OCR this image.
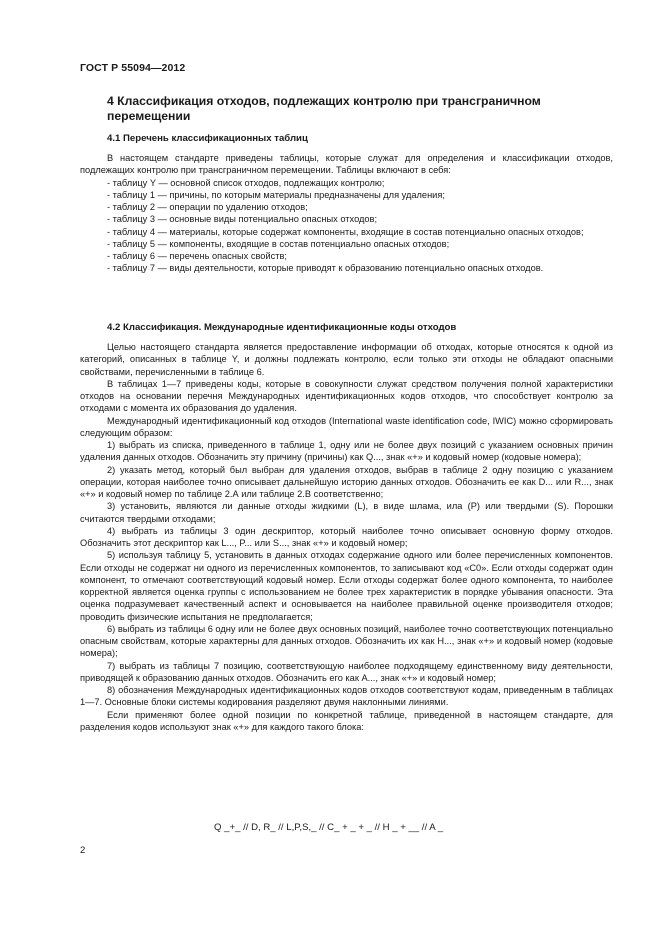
ГОСТ Р 55094—2012
4 Классификация отходов, подлежащих контролю при трансграничном перемещении
4.1 Перечень классификационных таблиц

В настоящем стандарте приведены таблицы, которые служат для определения и классификации отходов, подлежащих контролю при трансграничном перемещении. Таблицы включают в себя:

- таблицу Y — основной список отходов, подлежащих контролю;

- таблицу 1 — причины, по которым материалы предназначены для удаления;

- таблицу 2 — операции по удалению отходов;

- таблицу 3 — основные виды потенциально опасных отходов;

- таблицу 4 — материалы, которые содержат компоненты, входящие в состав потенциально опасных отходов;

- таблицу 5 — компоненты, входящие в состав потенциально опасных отходов;

- таблицу 6 — перечень опасных свойств;

- таблицу 7 — виды деятельности, которые приводят к образованию потенциально опасных отходов.

4.2 Классификация. Международные идентификационные коды отходов

Целью настоящего стандарта является предоставление информации об отходах, которые относятся к одной из категорий, описанных в таблице Y, и должны подлежать контролю, если только эти отходы не обладают опасными свойствами, перечисленными в таблице 6.

В таблицах 1—7 приведены коды, которые в совокупности служат средством получения полной характеристики отходов на основании перечня Международных идентификационных кодов отходов, что способствует контролю за отходами с момента их образования до удаления.

Международный идентификационный код отходов (International waste identification code, IWIC) можно сформировать следующим образом:

1) выбрать из списка, приведенного в таблице 1, одну или не более двух позиций с указанием основных причин удаления данных отходов. Обозначить эту причину (причины) как Q..., знак «+» и кодовый номер (кодовые номера);

2) указать метод, который был выбран для удаления отходов, выбрав в таблице 2 одну позицию с указанием операции, которая наиболее точно описывает дальнейшую историю данных отходов. Обозначить ее как D... или R..., знак «+» и кодовый номер по таблице 2.А или таблице 2.В соответственно;

3) установить, являются ли данные отходы жидкими (L), в виде шлама, ила (P) или твердыми (S). Порошки считаются твердыми отходами;

4) выбрать из таблицы 3 один дескриптор, который наиболее точно описывает основную форму отходов. Обозначить этот дескриптор как L..., P... или S..., знак «+» и кодовый номер;

5) используя таблицу 5, установить в данных отходах содержание одного или более перечисленных компонентов. Если отходы не содержат ни одного из перечисленных компонентов, то записывают код «C0». Если отходы содержат один компонент, то отмечают соответствующий кодовый номер. Если отходы содержат более одного компонента, то наиболее корректной является оценка группы с использованием не более трех характеристик в порядке убывания опасности. Эта оценка подразумевает качественный аспект и основывается на наиболее правильной оценке производителя отходов; проводить физические испытания не предполагается;

6) выбрать из таблицы 6 одну или не более двух основных позиций, наиболее точно соответствующих потенциально опасным свойствам, которые характерны для данных отходов. Обозначить их как H..., знак «+» и кодовый номер (кодовые номера);

7) выбрать из таблицы 7 позицию, соответствующую наиболее подходящему единственному виду деятельности, приводящей к образованию данных отходов. Обозначить его как A..., знак «+» и кодовый номер;

8) обозначения Международных идентификационных кодов отходов соответствуют кодам, приведенным в таблицах 1—7. Основные блоки системы кодирования разделяют двумя наклонными линиями.

Если применяют более одной позиции по конкретной таблице, приведенной в настоящем стандарте, для разделения кодов используют знак «+» для каждого такого блока:

Q _+_ // D, R_ // L,P,S,_ // C_ + _ + _ // H _ + __ // A _
2
